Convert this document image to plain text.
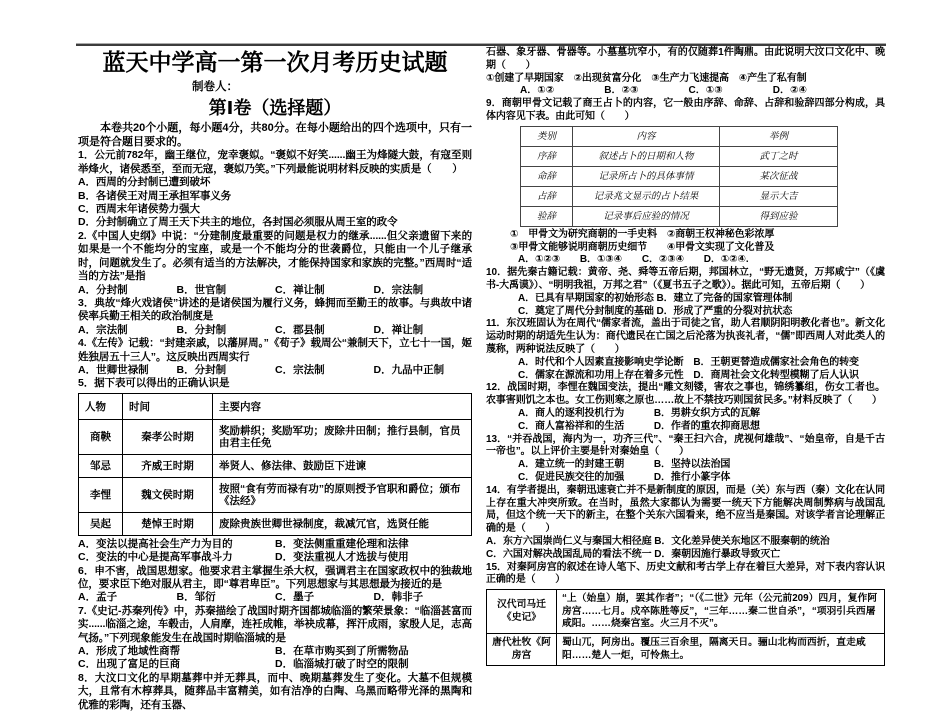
蓝天中学高一第一次月考历史试题

制卷人：

第Ⅰ卷（选择题）

本卷共20个小题，每小题4分，共80分。在每小题给出的四个选项中，只有一项是符合题目要求的。

1．公元前782年，幽王继位，宠幸褒姒。“褒姒不好笑......幽王为烽隧大鼓，有寇至则举烽火，诸侯悉至，至而无寇，褒姒乃笑。”下列最能说明材料反映的实质是（　　）

A．西周的分封制已遭到破坏

B．各诸侯王对周王承担军事义务

C．西周末年诸侯势力强大

D．分封制确立了周王天下共主的地位，各封国必须服从周王室的政令

2.《中国人史纲》中说：“分建制度最重要的问题是权力的继承......但父亲遗留下来的如果是一个不能均分的宝座，或是一个不能均分的世袭爵位，只能由一个儿子继承时，问题就发生了。必须有适当的方法解决，才能保持国家和家族的完整。”西周时“适当的方法”是指

A．分封制	B．世官制	C．禅让制	D．宗法制

3．典故“烽火戏诸侯”讲述的是诸侯国为履行义务，蜂拥而至勤王的故事。与典故中诸侯率兵勤王相关的政治制度是

A．宗法制	B．分封制	C．郡县制	D．禅让制

4.《左传》记载：“封建亲戚，以藩屏周。”《荀子》载周公“兼制天下，立七十一国，姬姓独居五十三人”。这反映出西周实行

A．世卿世禄制	B．分封制	C．宗法制	D．九品中正制

5．据下表可以得出的正确认识是

人物	时间	主要内容
商鞅	秦孝公时期	奖励耕织；奖励军功；废除井田制；推行县制，官员由君主任免
邹忌	齐威王时期	举贤人、修法律、鼓励臣下进谏
李悝	魏文侯时期	按照“食有劳而禄有功”的原则授予官职和爵位；颁布《法经》
吴起	楚悼王时期	废除贵族世卿世禄制度，裁减冗官，选贤任能
A．变法以提高社会生产力为目的	B．变法侧重重建伦理和法律
C．变法的中心是提高军事战斗力	D．变法重视人才选拔与使用

6．申不害，战国思想家。他要求君主掌握生杀大权，强调君主在国家政权中的独裁地位，要求臣下绝对服从君主，即“尊君卑臣”。下列思想家与其思想最为接近的是

A．孟子	B．邹衍	C．墨子	D．韩非子

7.《史记-苏秦列传》中，苏秦描绘了战国时期齐国都城临淄的繁荣景象：“临淄甚富而实......临淄之途，车毂击，人肩摩，连衽成帷，举袂成幕，挥汗成雨，家殷人足，志高气扬。”下列现象能发生在战国时期临淄城的是

A．形成了地域性商帮	B．在草市购买到了所需物品
C．出现了富足的巨商	D．临淄城打破了时空的限制

8．大汶口文化的早期墓葬中并无葬具，而中、晚期墓葬发生了变化。大墓不但规模大，且常有木椁葬具，随葬品丰富精美，如有洁净的白陶、乌黑而略带光泽的黑陶和优雅的彩陶，还有玉器、

石器、象牙器、骨器等。小墓墓坑窄小，有的仅随葬1件陶鼎。由此说明大汶口文化中、晚期（　　）

①创建了早期国家　②出现贫富分化　③生产力飞速提高　④产生了私有制

A．①②	B．②③	C．①③	D．②④

9．商朝甲骨文记载了商王占卜的内容，它一般由序辞、命辞、占辞和验辞四部分构成，具体内容见下表。由此可知（　　）

类别	内容	举例
序辞	叙述占卜的日期和人物	武丁之时
命辞	记录所占卜的具体事情	某次征战
占辞	记录兆文显示的占卜结果	显示大吉
验辞	记录事后应验的情况	得到应验

①　甲骨文为研究商朝的一手史料　②商朝王权神秘色彩浓厚

③甲骨文能够说明商朝历史细节　　④甲骨文实现了文化普及

A．①②③　　B．①③④　　C．②③④　　D．①②④.

10．据先秦古籍记载：黄帝、尧、舜等五帝后期，邦国林立，“野无遗贤，万邦咸宁”（《虞书-大禹谟》）、“明明我祖，万邦之君”（《夏书五子之歌》）。据此可知，五帝后期（　　）

A．已具有早期国家的初始形态 B．建立了完备的国家管理体制

C．奠定了周代分封制度的基础 D．形成了严重的分裂对抗状态

11．东汉班固认为在周代“儒家者流，盖出于司徒之官，助人君顺阴阳明教化者也”。新文化运动时期的胡适先生认为：商代遗民在亡国之后沦落为执丧礼者，“儒”即西周人对此类人的蔑称，两种说法反映了（　　）

A．时代和个人因素直接影响史学论断　B．王朝更替造成儒家社会角色的转变

C．儒家在源流和功用上存在着多元性　D．商周社会文化转型模糊了后人认识

12．战国时期，李悝在魏国变法，提出“雕文刻镂，害农之事也，锦绣纂组，伤女工者也。农事害则饥之本也。女工伤则寒之原也……故上不禁技巧则国贫民多。”材料反映了（　　）

A．商人的逐利投机行为　　　B．男耕女织方式的瓦解

C．商人富裕祥和的生活　　　D．作者的重农抑商思想

13．“并吞战国，海内为一，功齐三代”、“秦王扫六合，虎视何雄哉”、“始皇帝，自是千古一帝也”。以上评价主要是针对秦始皇（　　）

A．建立统一的封建王朝　　　B．坚持以法治国

C．促进民族交往的加强　　　D．推行小篆字体

14．有学者提出，秦朝迅速衰亡并不是新制度的原因，而是（关）东与西（秦）文化在认同上存在重大冲突所致。在当时，虽然大家都认为需要一统天下方能解决周制弊病与战国乱局，但这个统一天下的新主，在整个关东六国看来，绝不应当是秦国。对该学者言论理解正确的是（　　）

A．东方六国崇尚仁义与秦国大相径庭 B．文化差异使关东地区不服秦朝的统治

C．六国对解决战国乱局的看法不统一 D．秦朝因施行暴政导致灭亡

15．对秦阿房宫的叙述在诗人笔下、历史文献和考古学上存在着巨大差异，对下表内容认识正确的是（　　）

汉代司马迁《史记》	“上（始皇）崩，罢其作者”；“（《二世》元年（公元前209）四月，复作阿房宫……七月。戍卒陈胜等反”，“三年……秦二世自杀”，“项羽引兵西屠咸阳。……烧秦宫室。火三月不灭”。
唐代杜牧《阿房宫	蜀山兀，阿房出。覆压三百余里，隔离天日。骊山北构而西折，直走咸阳……楚人一炬，可怜焦土。
